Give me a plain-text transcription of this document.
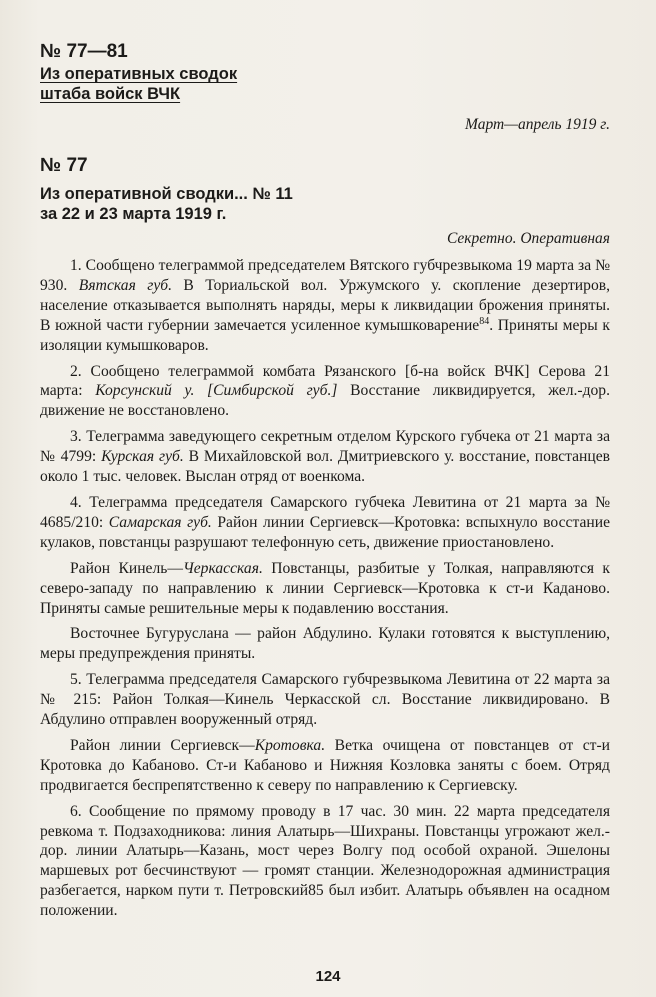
№ 77—81
Из оперативных сводок
штаба войск ВЧК
Март—апрель 1919 г.
№ 77
Из оперативной сводки... № 11
за 22 и 23 марта 1919 г.
Секретно. Оперативная

1. Сообщено телеграммой председателем Вятского губчрезвыкома 19 марта за № 930. Вятская губ. В Ториальской вол. Уржумского у. скопление дезертиров, население отказывается выполнять наряды, меры к ликвидации брожения приняты. В южной части губернии замечается усиленное кумышковарение$^{84}$. Приняты меры к изоляции кумышковаров.

2. Сообщено телеграммой комбата Рязанского [б-на войск ВЧК] Серова 21 марта: Корсунский у. [Симбирской губ.] Восстание ликвидируется, жел.-дор. движение не восстановлено.

3. Телеграмма заведующего секретным отделом Курского губчека от 21 марта за № 4799: Курская губ. В Михайловской вол. Дмитриевского у. восстание, повстанцев около 1 тыс. человек. Выслан отряд от военкома.

4. Телеграмма председателя Самарского губчека Левитина от 21 марта за № 4685/210: Самарская губ. Район линии Сергиевск—Кротовка: вспыхнуло восстание кулаков, повстанцы разрушают телефонную сеть, движение приостановлено.

Район Кинель—Черкасская. Повстанцы, разбитые у Толкая, направляются к северо-западу по направлению к линии Сергиевск—Кротовка к ст-и Каданово. Приняты самые решительные меры к подавлению восстания.

Восточнее Бугуруслана — район Абдулино. Кулаки готовятся к выступлению, меры предупреждения приняты.

5. Телеграмма председателя Самарского губчрезвыкома Левитина от 22 марта за № 215: Район Толкая—Кинель Черкасской сл. Восстание ликвидировано. В Абдулино отправлен вооруженный отряд.

Район линии Сергиевск—Кротовка. Ветка очищена от повстанцев от ст-и Кротовка до Кабаново. Ст-и Кабаново и Нижняя Козловка заняты с боем. Отряд продвигается беспрепятственно к северу по направлению к Сергиевску.

6. Сообщение по прямому проводу в 17 час. 30 мин. 22 марта председателя ревкома т. Подзаходникова: линия Алатырь—Шихраны. Повстанцы угрожают жел.-дор. линии Алатырь—Казань, мост через Волгу под особой охраной. Эшелоны маршевых рот бесчинствуют — громят станции. Железнодорожная администрация разбегается, нарком пути т. Петровский85 был избит. Алатырь объявлен на осадном положении.

124
